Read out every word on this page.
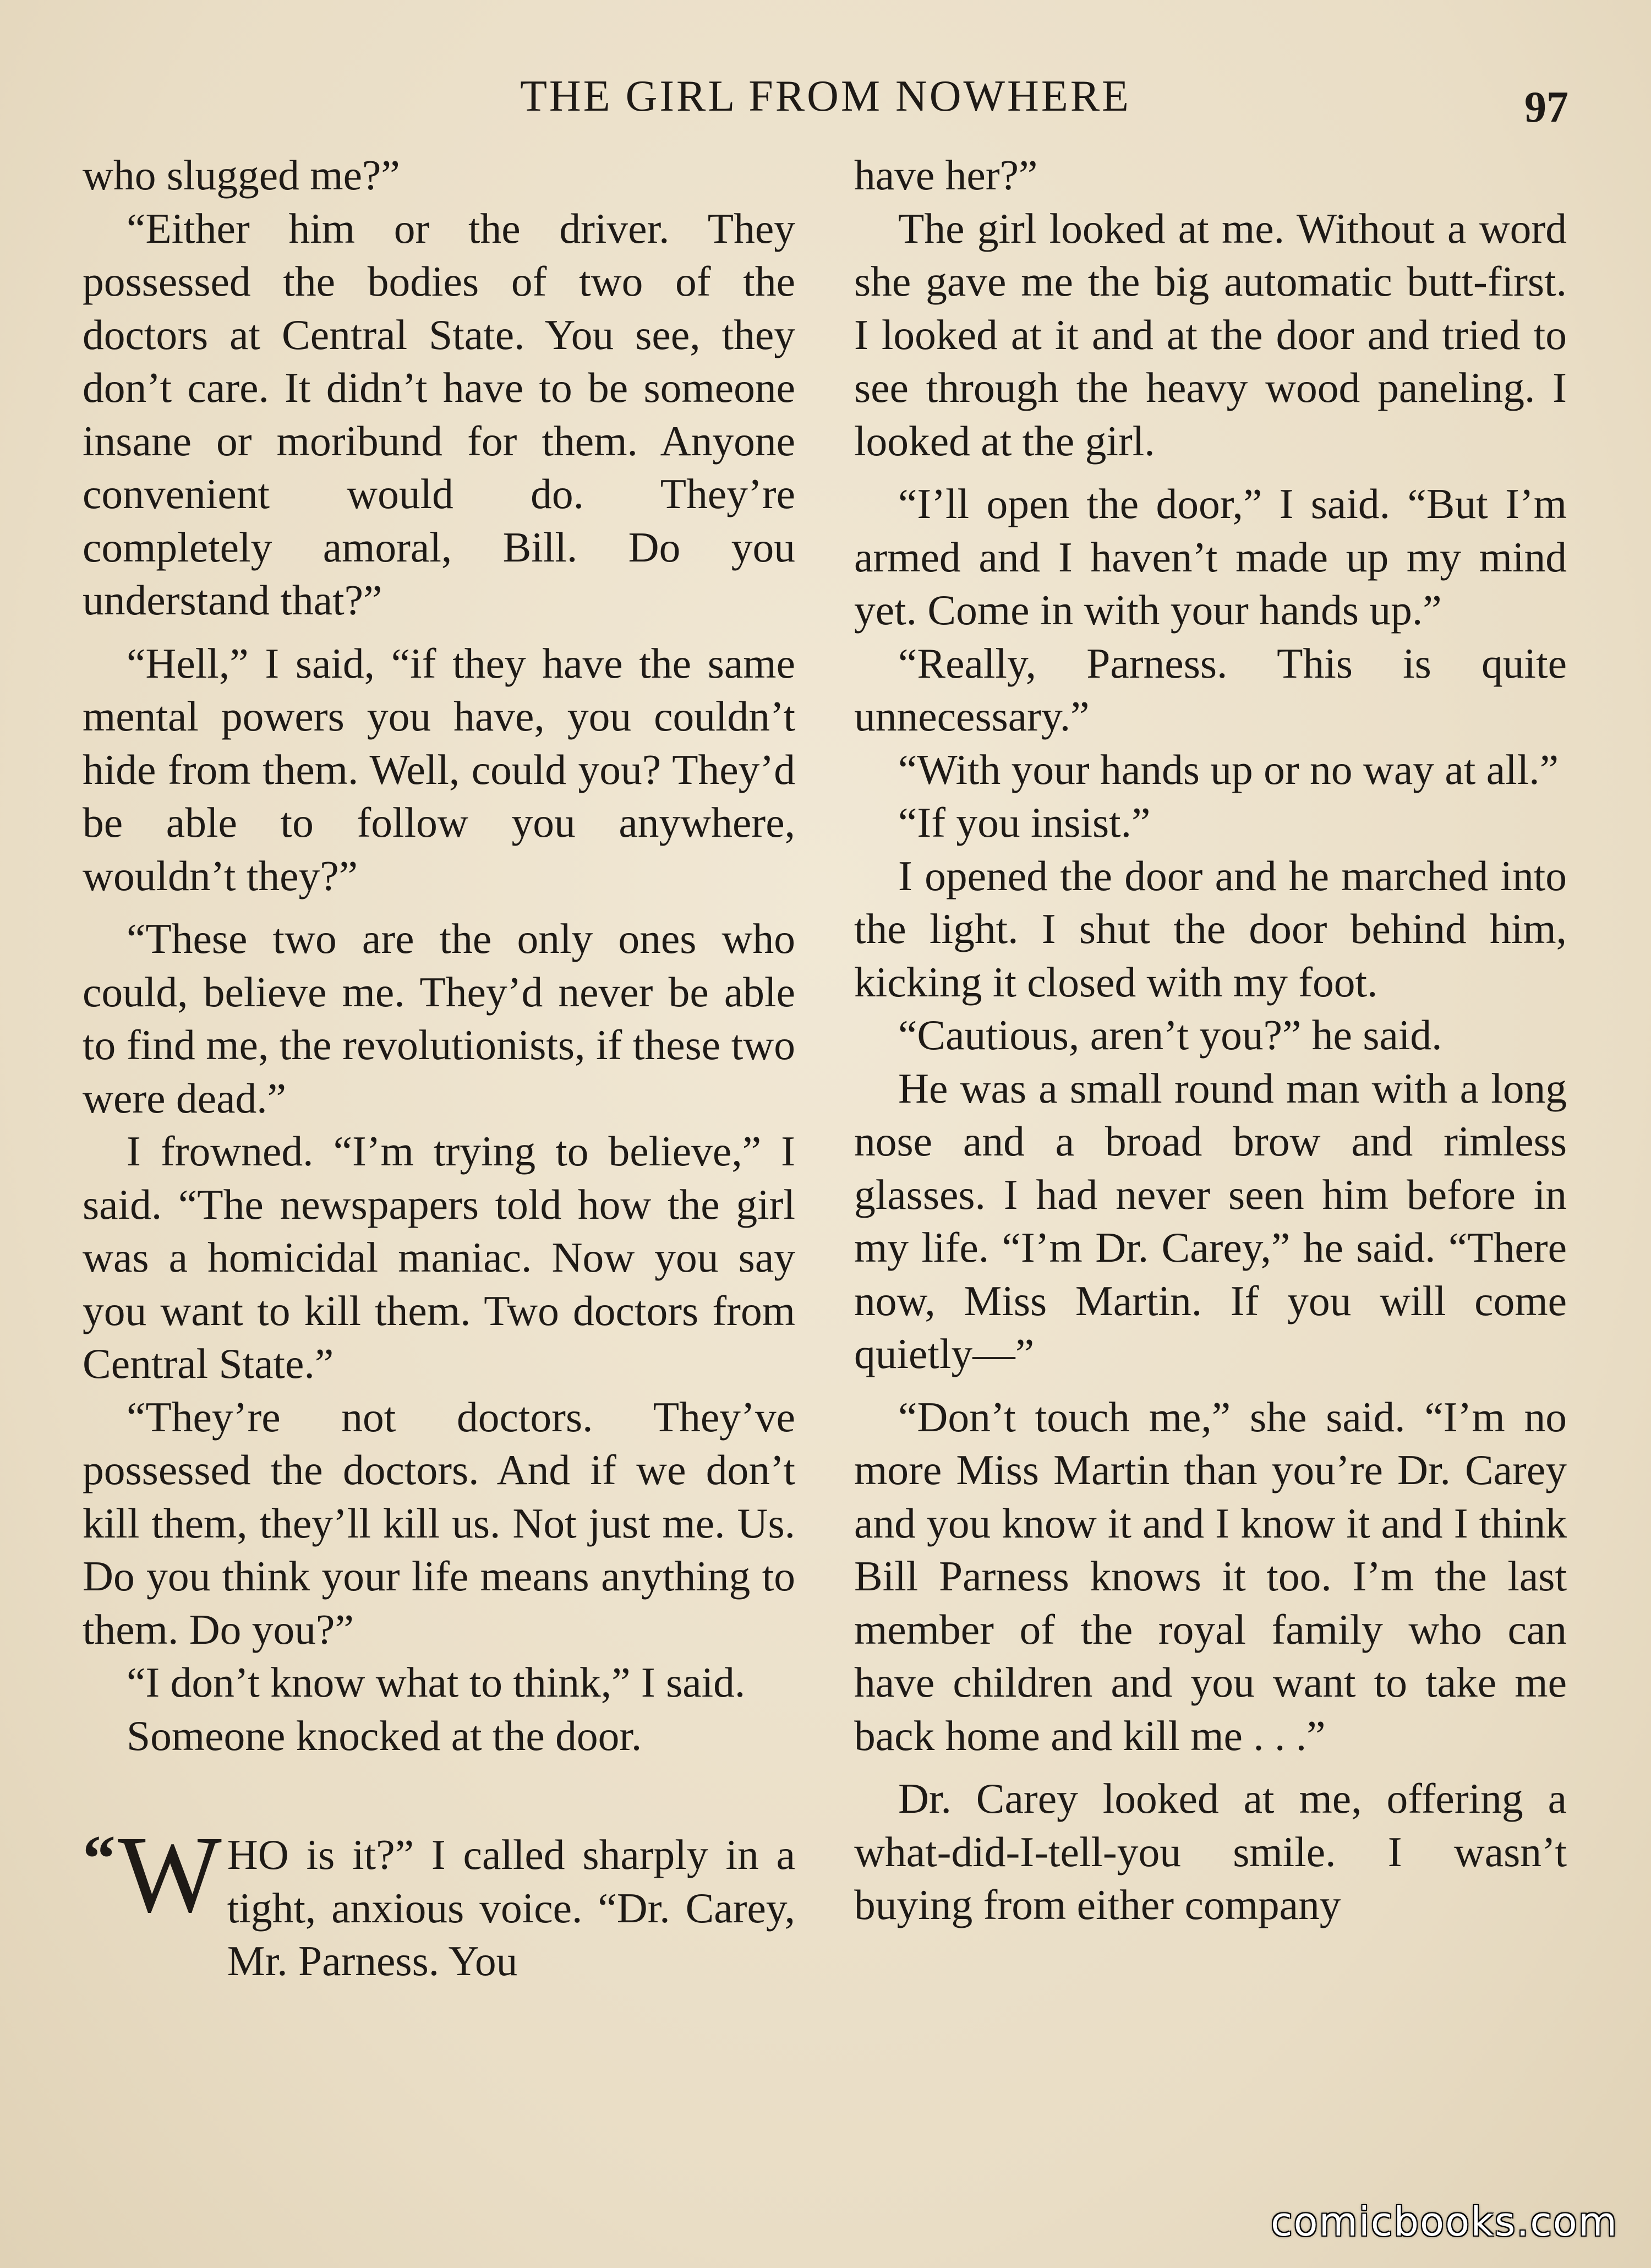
THE GIRL FROM NOWHERE	97

who slugged me?”

“Either him or the driver. They possessed the bodies of two of the doctors at Central State. You see, they don’t care. It didn’t have to be someone insane or moribund for them. Anyone convenient would do. They’re completely amoral, Bill. Do you understand that?”

“Hell,” I said, “if they have the same mental powers you have, you couldn’t hide from them. Well, could you? They’d be able to follow you anywhere, wouldn’t they?”

“These two are the only ones who could, believe me. They’d never be able to find me, the revolutionists, if these two were dead.”

I frowned. “I’m trying to believe,” I said. “The newspapers told how the girl was a homicidal maniac. Now you say you want to kill them. Two doctors from Central State.”

“They’re not doctors. They’ve possessed the doctors. And if we don’t kill them, they’ll kill us. Not just me. Us. Do you think your life means anything to them. Do you?”

“I don’t know what to think,” I said.

Someone knocked at the door.

“ W HO is it?” I called sharply in a tight, anxious voice. “Dr. Carey, Mr. Parness. You

have her?”

The girl looked at me. Without a word she gave me the big automatic butt-first. I looked at it and at the door and tried to see through the heavy wood paneling. I looked at the girl.

“I’ll open the door,” I said. “But I’m armed and I haven’t made up my mind yet. Come in with your hands up.”

“Really, Parness. This is quite unnecessary.”

“With your hands up or no way at all.”

“If you insist.”

I opened the door and he marched into the light. I shut the door behind him, kicking it closed with my foot.

“Cautious, aren’t you?” he said.

He was a small round man with a long nose and a broad brow and rimless glasses. I had never seen him before in my life. “I’m Dr. Carey,” he said. “There now, Miss Martin. If you will come quietly—”

“Don’t touch me,” she said. “I’m no more Miss Martin than you’re Dr. Carey and you know it and I know it and I think Bill Parness knows it too. I’m the last member of the royal family who can have children and you want to take me back home and kill me . . .”

Dr. Carey looked at me, offering a what-did-I-tell-you smile. I wasn’t buying from either company

comicbooks.com
